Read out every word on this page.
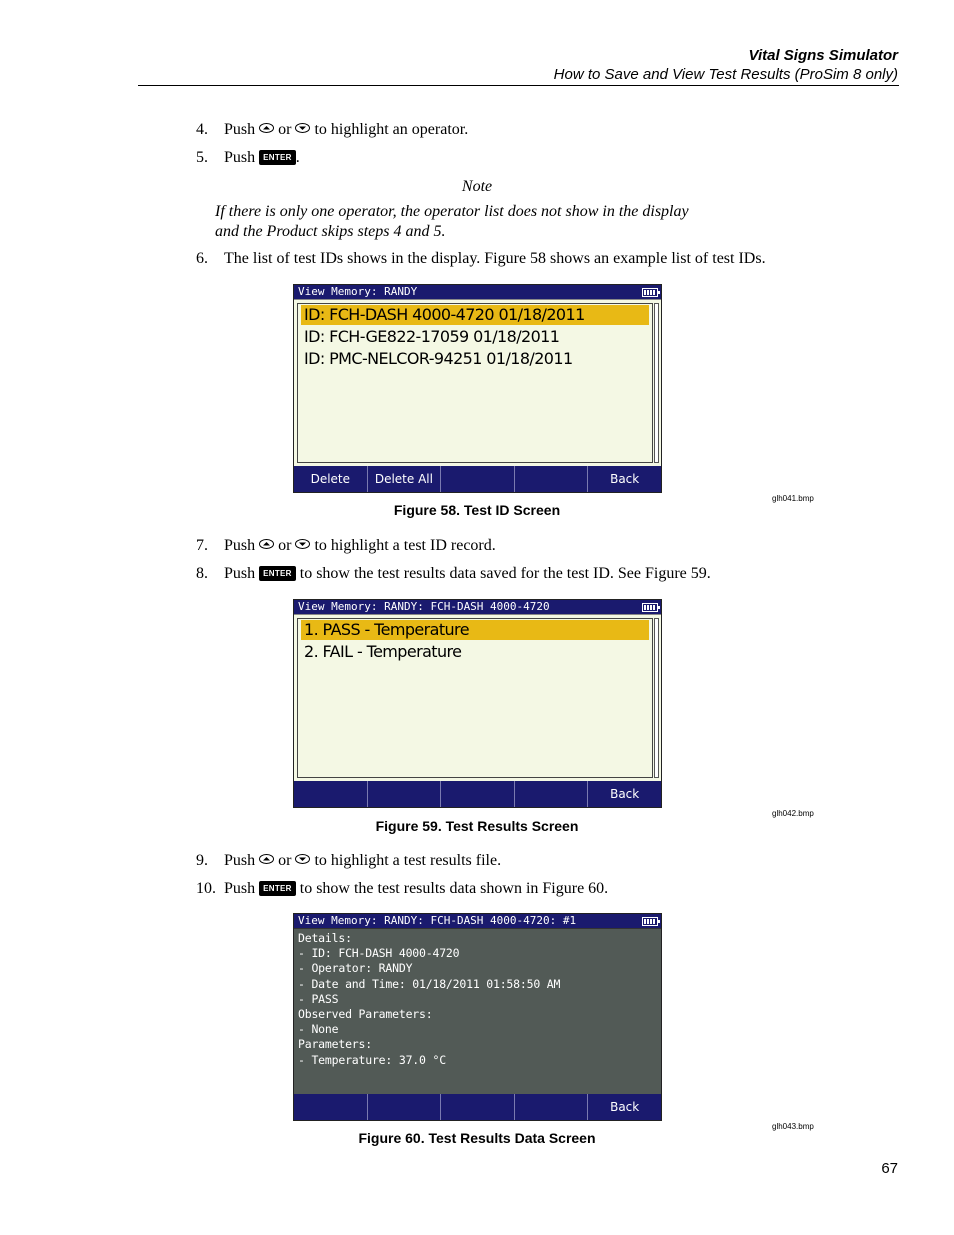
Vital Signs Simulator
How to Save and View Test Results (ProSim 8 only)
4. Push or to highlight an operator.
5. Push ENTER .
Note
If there is only one operator, the operator list does not show in the display
and the Product skips steps 4 and 5.
6. The list of test IDs shows in the display. Figure 58 shows an example list of test IDs.
View Memory: RANDY
ID: FCH-DASH 4000-4720 01/18/2011
ID: FCH-GE822-17059 01/18/2011
ID: PMC-NELCOR-94251 01/18/2011
Delete	Delete All	Back
glh041.bmp
Figure 58. Test ID Screen
7. Push or to highlight a test ID record.
8. Push ENTER to show the test results data saved for the test ID. See Figure 59.
View Memory: RANDY: FCH-DASH 4000-4720
1. PASS - Temperature
2. FAIL - Temperature
Back
glh042.bmp
Figure 59. Test Results Screen
9. Push or to highlight a test results file.
10. Push ENTER to show the test results data shown in Figure 60.
View Memory: RANDY: FCH-DASH 4000-4720: #1
Details:
- ID: FCH-DASH 4000-4720
- Operator: RANDY
- Date and Time: 01/18/2011 01:58:50 AM
- PASS
Observed Parameters:
- None
Parameters:
- Temperature: 37.0 °C
Back
glh043.bmp
Figure 60. Test Results Data Screen
67
